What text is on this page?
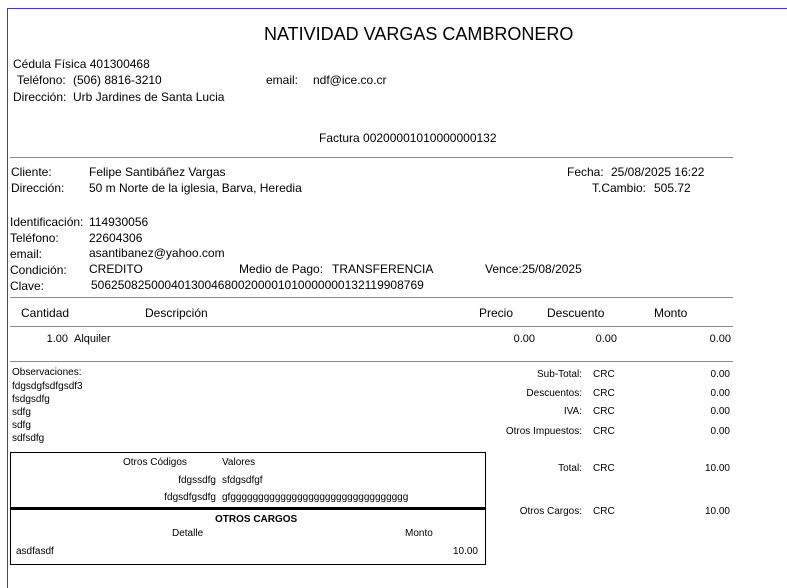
NATIVIDAD VARGAS CAMBRONERO
Cédula Física 401300468
Teléfono: (506) 8816-3210	email: ndf@ice.co.cr
Dirección: Urb Jardines de Santa Lucia
Factura 00200001010000000132
Cliente:	Felipe Santibáñez Vargas
Dirección: 50 m Norte de la iglesia, Barva, Heredia
Fecha: 25/08/2025 16:22
T.Cambio: 505.72
Identificación: 114930056
Teléfono:	22604306
email:	asantibanez@yahoo.com
Condición: CREDITO	Medio de Pago: TRANSFERENCIA	Vence:25/08/2025
Clave:	50625082500040130046800200001010000000132119908769
Cantidad	Descripción	Precio	Descuento	Monto
1.00 Alquiler	0.00	0.00	0.00
Observaciones:
fdgsdgfsdfgsdf3
fsdgsdfg
sdfg
sdfg
sdfsdfg
Sub-Total: CRC	0.00
Descuentos: CRC	0.00
IVA: CRC	0.00
Otros Impuestos: CRC	0.00
Total: CRC	10.00
Otros Cargos: CRC	10.00
Otros Códigos	Valores
fdgssdfg sfdgsdfgf
fdgsdfgsdfg gfgggggggggggggggggggggggggggggggg
OTROS CARGOS
Detalle	Monto
asdfasdf	10.00
